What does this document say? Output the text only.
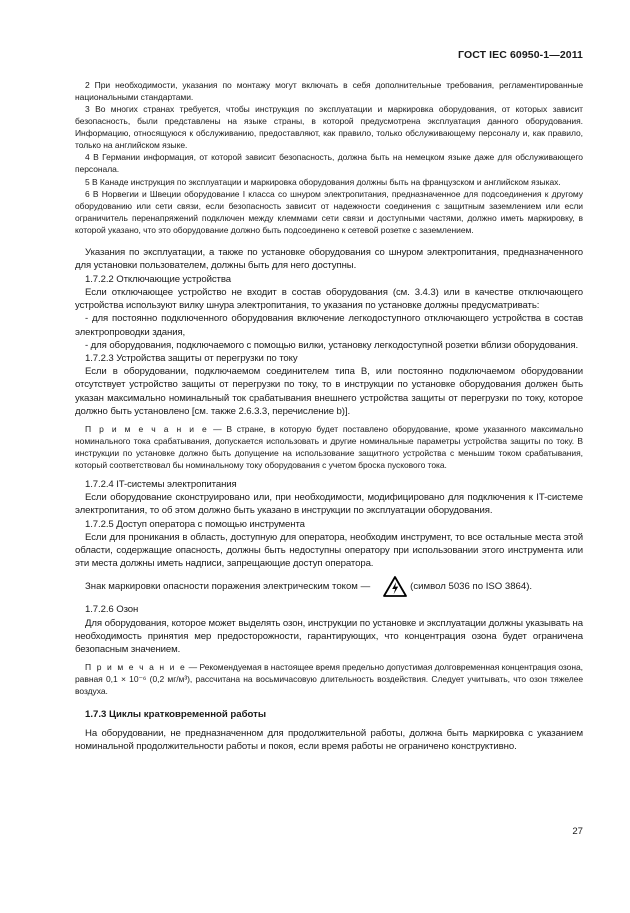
ГОСТ IEC 60950-1—2011

2 При необходимости, указания по монтажу могут включать в себя дополнительные требования, регламентированные национальными стандартами.

3 Во многих странах требуется, чтобы инструкция по эксплуатации и маркировка оборудования, от которых зависит безопасность, были представлены на языке страны, в которой предусмотрена эксплуатация данного оборудования. Информацию, относящуюся к обслуживанию, предоставляют, как правило, только обслуживающему персоналу и, как правило, только на английском языке.

4 В Германии информация, от которой зависит безопасность, должна быть на немецком языке даже для обслуживающего персонала.

5 В Канаде инструкция по эксплуатации и маркировка оборудования должны быть на французском и английском языках.

6 В Норвегии и Швеции оборудование I класса со шнуром электропитания, предназначенное для подсоединения к другому оборудованию или сети связи, если безопасность зависит от надежности соединения с защитным заземлением или если ограничитель перенапряжений подключен между клеммами сети связи и доступными частями, должно иметь маркировку, в которой указано, что это оборудование должно быть подсоединено к сетевой розетке с заземлением.

Указания по эксплуатации, а также по установке оборудования со шнуром электропитания, предназначенного для установки пользователем, должны быть для него доступны.

1.7.2.2 Отключающие устройства

Если отключающее устройство не входит в состав оборудования (см. 3.4.3) или в качестве отключающего устройства используют вилку шнура электропитания, то указания по установке должны предусматривать:

- для постоянно подключенного оборудования включение легкодоступного отключающего устройства в состав электропроводки здания,

- для оборудования, подключаемого с помощью вилки, установку легкодоступной розетки вблизи оборудования.

1.7.2.3 Устройства защиты от перегрузки по току

Если в оборудовании, подключаемом соединителем типа B, или постоянно подключаемом оборудовании отсутствует устройство защиты от перегрузки по току, то в инструкции по установке оборудования должен быть указан максимально номинальный ток срабатывания внешнего устройства защиты от перегрузки по току, которое должно быть установлено [см. также 2.6.3.3, перечисление b)].

П р и м е ч а н и е — В стране, в которую будет поставлено оборудование, кроме указанного максимально номинального тока срабатывания, допускается использовать и другие номинальные параметры устройства защиты по току. В инструкции по установке должно быть допущение на использование защитного устройства с меньшим током срабатывания, который соответствовал бы номинальному току оборудования с учетом броска пускового тока.

1.7.2.4 IT-системы электропитания

Если оборудование сконструировано или, при необходимости, модифицировано для подключения к IT-системе электропитания, то об этом должно быть указано в инструкции по эксплуатации оборудования.

1.7.2.5 Доступ оператора с помощью инструмента

Если для проникания в область, доступную для оператора, необходим инструмент, то все остальные места этой области, содержащие опасность, должны быть недоступны оператору при использовании этого инструмента или эти места должны иметь надписи, запрещающие доступ оператора.

Знак маркировки опасности поражения электрическим током —	(символ 5036 по ISO 3864).

1.7.2.6 Озон

Для оборудования, которое может выделять озон, инструкции по установке и эксплуатации должны указывать на необходимость принятия мер предосторожности, гарантирующих, что концентрация озона будет ограничена безопасным значением.

П р и м е ч а н и е — Рекомендуемая в настоящее время предельно допустимая долговременная концентрация озона, равная 0,1 × 10⁻⁶ (0,2 мг/м³), рассчитана на восьмичасовую длительность воздействия. Следует учитывать, что озон тяжелее воздуха.

1.7.3 Циклы кратковременной работы

На оборудовании, не предназначенном для продолжительной работы, должна быть маркировка с указанием номинальной продолжительности работы и покоя, если время работы не ограничено конструктивно.

27
